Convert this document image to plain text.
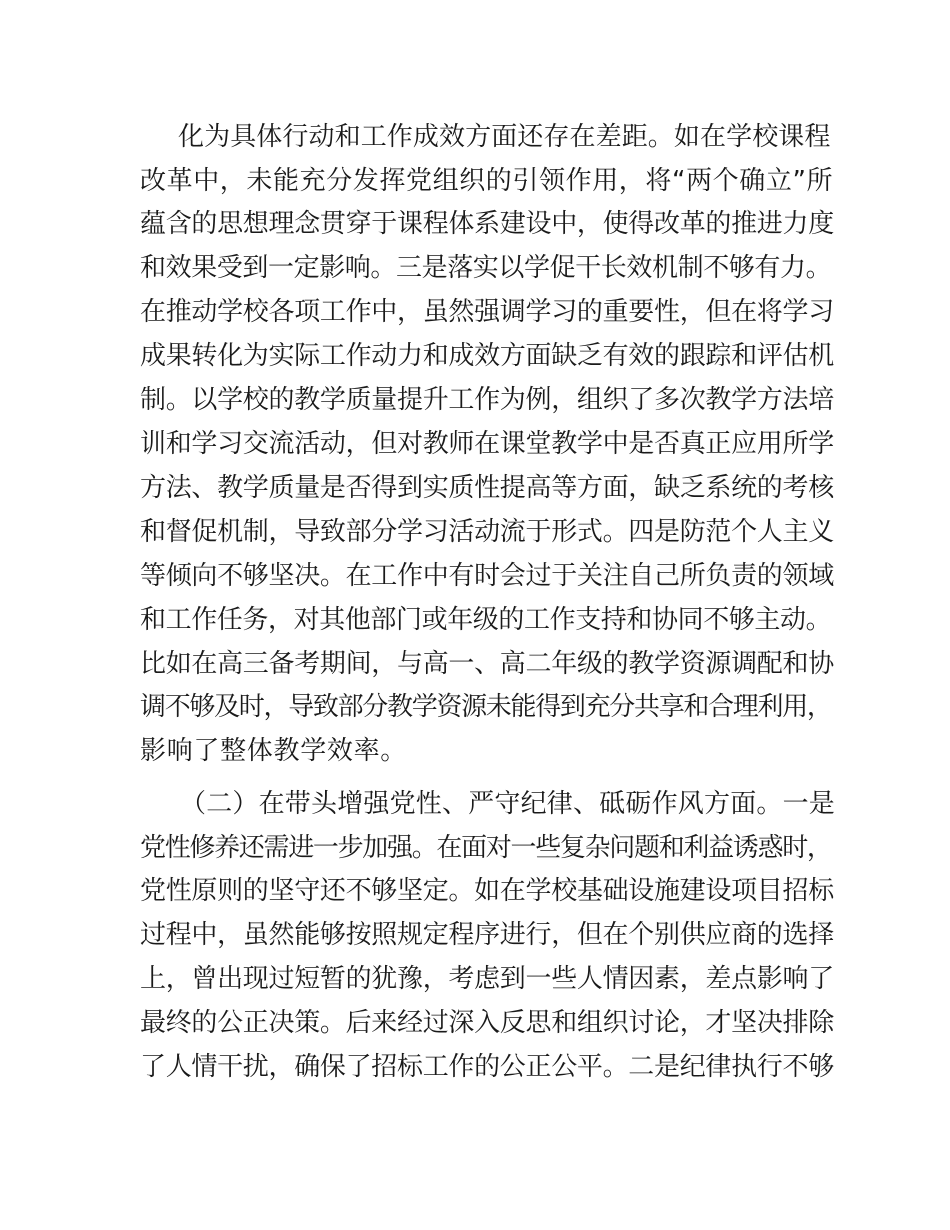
化为具体行动和工作成效方面还存在差距。如在学校课程
改革中，未能充分发挥党组织的引领作用，将“两个确立”所
蕴含的思想理念贯穿于课程体系建设中，使得改革的推进力度
和效果受到一定影响。三是落实以学促干长效机制不够有力。
在推动学校各项工作中，虽然强调学习的重要性，但在将学习
成果转化为实际工作动力和成效方面缺乏有效的跟踪和评估机
制。以学校的教学质量提升工作为例，组织了多次教学方法培
训和学习交流活动，但对教师在课堂教学中是否真正应用所学
方法、教学质量是否得到实质性提高等方面，缺乏系统的考核
和督促机制，导致部分学习活动流于形式。四是防范个人主义
等倾向不够坚决。在工作中有时会过于关注自己所负责的领域
和工作任务，对其他部门或年级的工作支持和协同不够主动。
比如在高三备考期间，与高一、高二年级的教学资源调配和协
调不够及时，导致部分教学资源未能得到充分共享和合理利用，
影响了整体教学效率。
（二）在带头增强党性、严守纪律、砥砺作风方面。一是
党性修养还需进一步加强。在面对一些复杂问题和利益诱惑时，
党性原则的坚守还不够坚定。如在学校基础设施建设项目招标
过程中，虽然能够按照规定程序进行，但在个别供应商的选择
上，曾出现过短暂的犹豫，考虑到一些人情因素，差点影响了
最终的公正决策。后来经过深入反思和组织讨论，才坚决排除
了人情干扰，确保了招标工作的公正公平。二是纪律执行不够
